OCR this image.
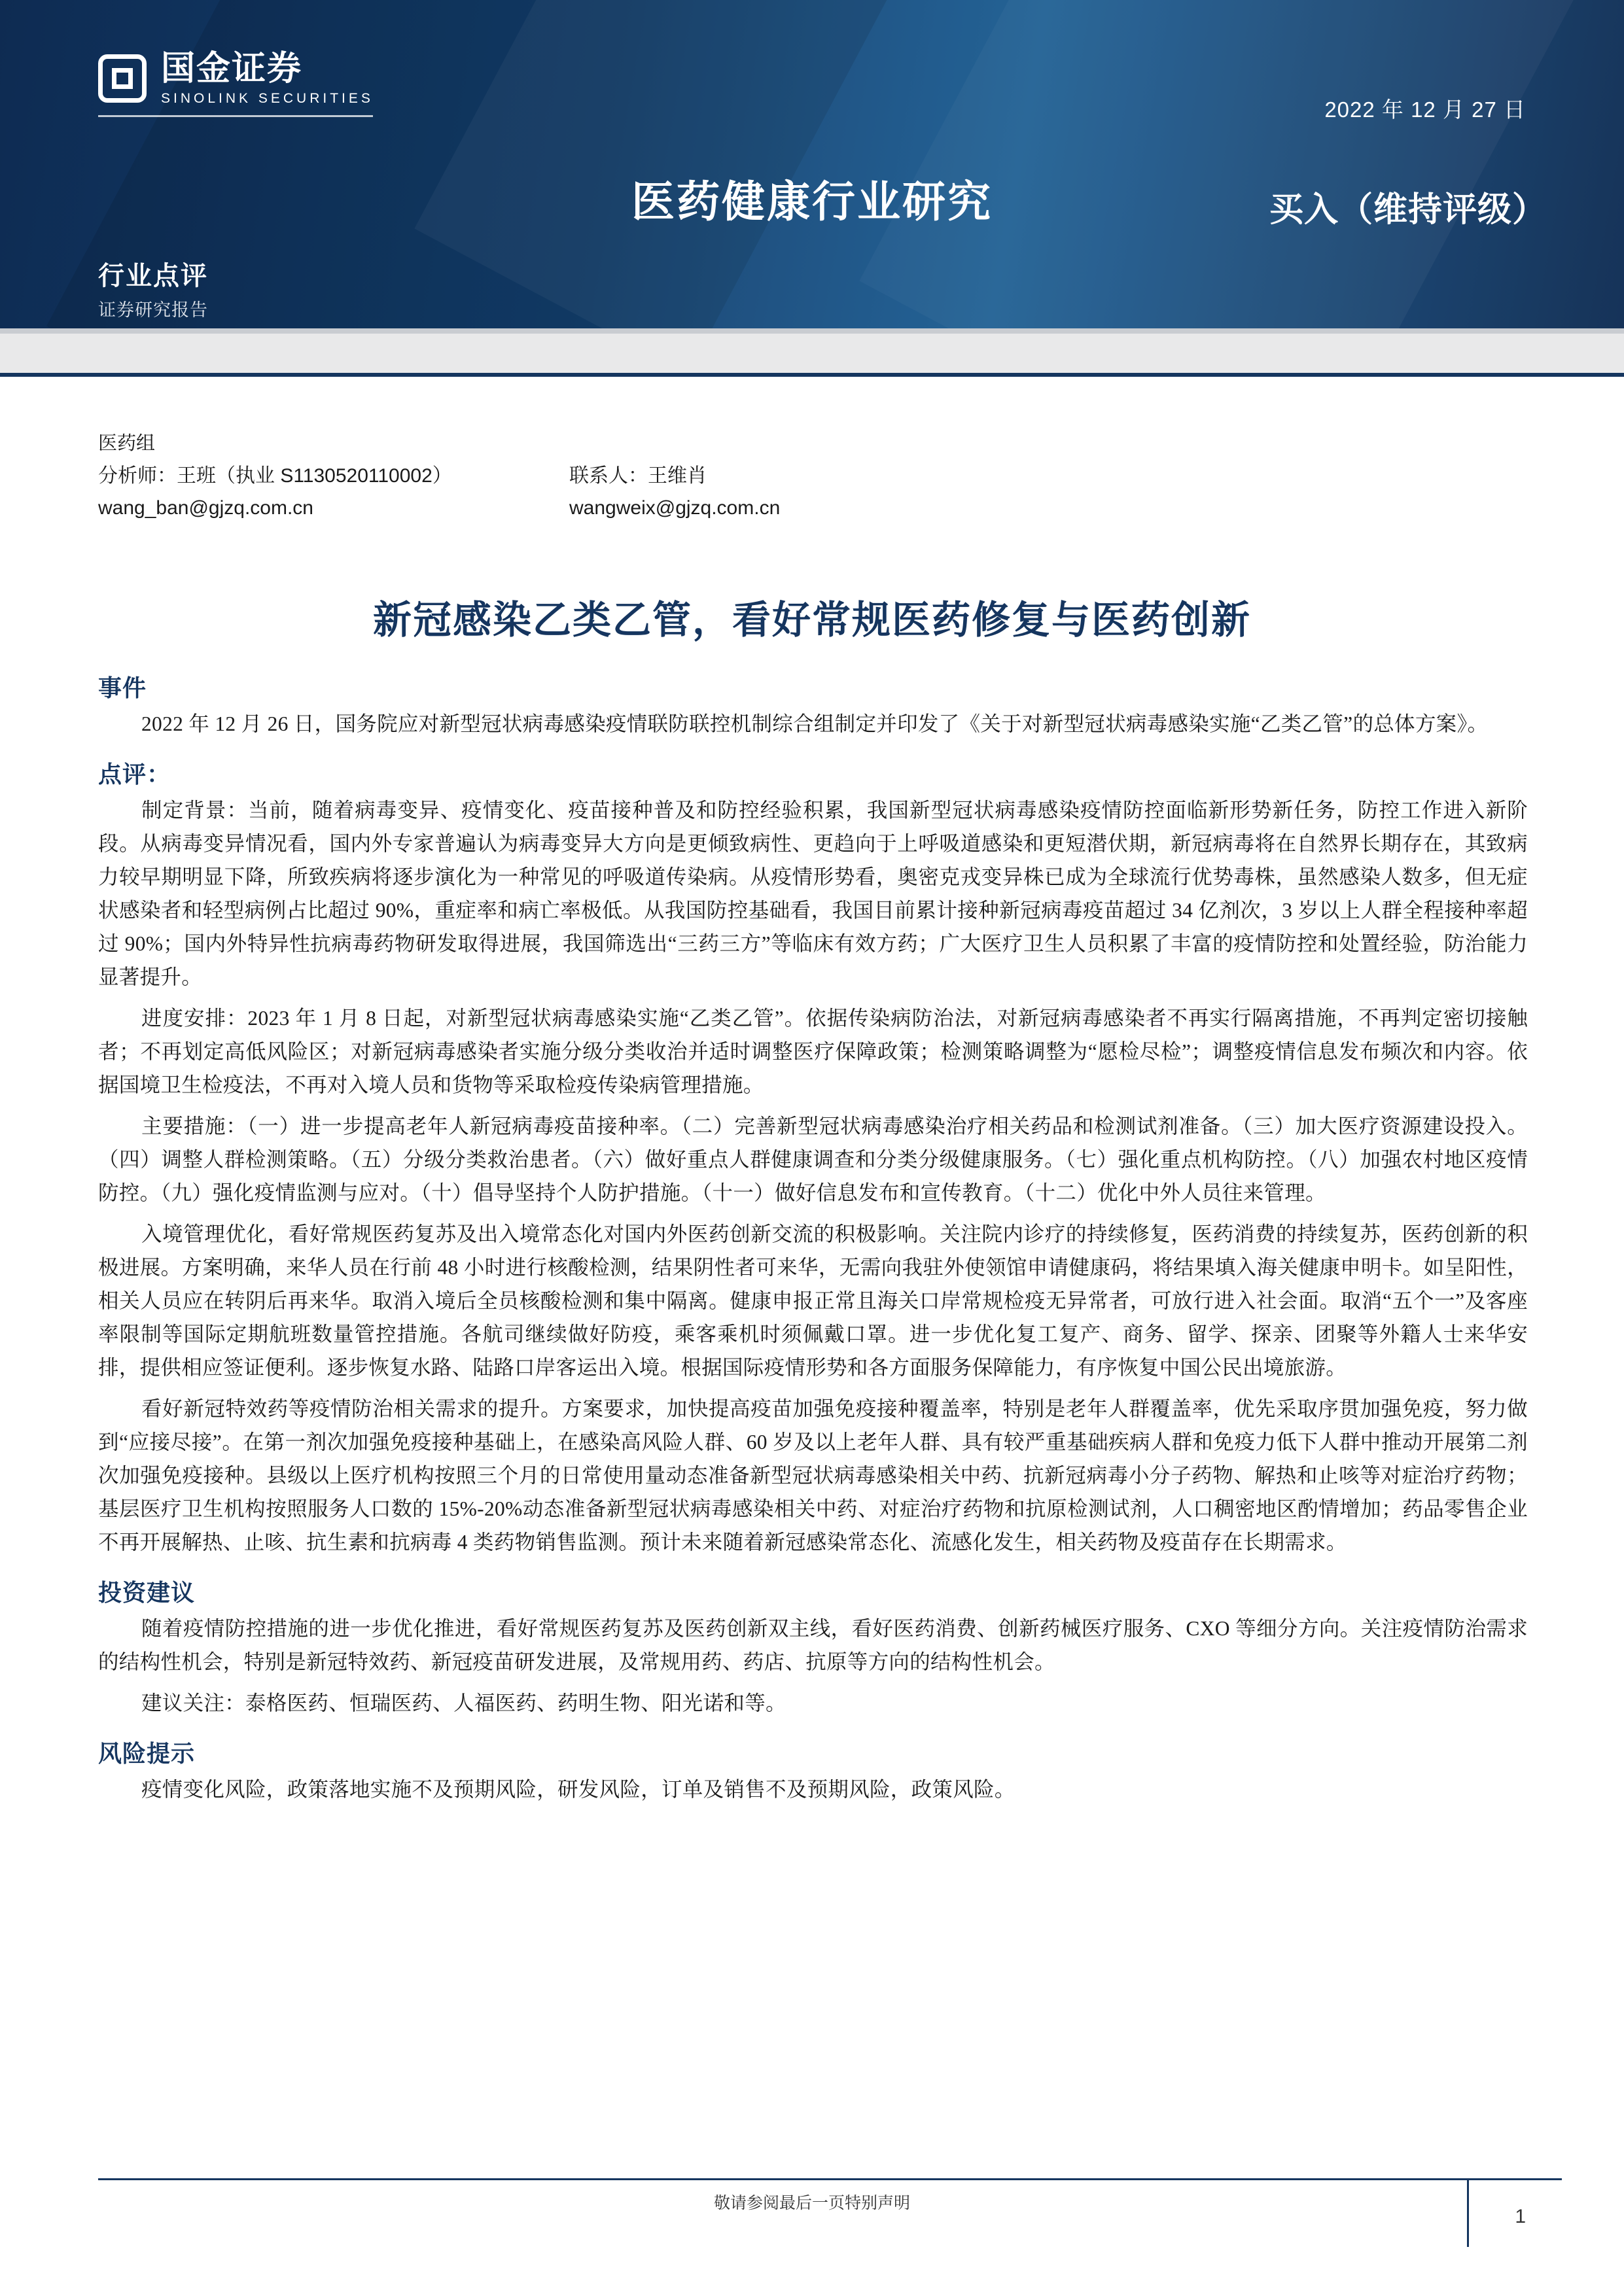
国金证券
SINOLINK SECURITIES	2022 年 12 月 27 日
医药健康行业研究	买入（维持评级）
行业点评
证券研究报告
医药组
分析师：王班（执业 S1130520110002）	联系人：王维肖
wang_ban@gjzq.com.cn	wangweix@gjzq.com.cn
新冠感染乙类乙管，看好常规医药修复与医药创新
事件

2022 年 12 月 26 日，国务院应对新型冠状病毒感染疫情联防联控机制综合组制定并印发了《关于对新型冠状病毒感染实施“乙类乙管”的总体方案》。

点评：

制定背景：当前，随着病毒变异、疫情变化、疫苗接种普及和防控经验积累，我国新型冠状病毒感染疫情防控面临新形势新任务，防控工作进入新阶段。从病毒变异情况看，国内外专家普遍认为病毒变异大方向是更倾致病性、更趋向于上呼吸道感染和更短潜伏期，新冠病毒将在自然界长期存在，其致病力较早期明显下降，所致疾病将逐步演化为一种常见的呼吸道传染病。从疫情形势看，奥密克戎变异株已成为全球流行优势毒株，虽然感染人数多，但无症状感染者和轻型病例占比超过 90%，重症率和病亡率极低。从我国防控基础看，我国目前累计接种新冠病毒疫苗超过 34 亿剂次，3 岁以上人群全程接种率超过 90%；国内外特异性抗病毒药物研发取得进展，我国筛选出“三药三方”等临床有效方药；广大医疗卫生人员积累了丰富的疫情防控和处置经验，防治能力显著提升。

进度安排：2023 年 1 月 8 日起，对新型冠状病毒感染实施“乙类乙管”。依据传染病防治法，对新冠病毒感染者不再实行隔离措施，不再判定密切接触者；不再划定高低风险区；对新冠病毒感染者实施分级分类收治并适时调整医疗保障政策；检测策略调整为“愿检尽检”；调整疫情信息发布频次和内容。依据国境卫生检疫法，不再对入境人员和货物等采取检疫传染病管理措施。

主要措施：（一）进一步提高老年人新冠病毒疫苗接种率。（二）完善新型冠状病毒感染治疗相关药品和检测试剂准备。（三）加大医疗资源建设投入。（四）调整人群检测策略。（五）分级分类救治患者。（六）做好重点人群健康调查和分类分级健康服务。（七）强化重点机构防控。（八）加强农村地区疫情防控。（九）强化疫情监测与应对。（十）倡导坚持个人防护措施。（十一）做好信息发布和宣传教育。（十二）优化中外人员往来管理。

入境管理优化，看好常规医药复苏及出入境常态化对国内外医药创新交流的积极影响。关注院内诊疗的持续修复，医药消费的持续复苏，医药创新的积极进展。方案明确，来华人员在行前 48 小时进行核酸检测，结果阴性者可来华，无需向我驻外使领馆申请健康码，将结果填入海关健康申明卡。如呈阳性，相关人员应在转阴后再来华。取消入境后全员核酸检测和集中隔离。健康申报正常且海关口岸常规检疫无异常者，可放行进入社会面。取消“五个一”及客座率限制等国际定期航班数量管控措施。各航司继续做好防疫，乘客乘机时须佩戴口罩。进一步优化复工复产、商务、留学、探亲、团聚等外籍人士来华安排，提供相应签证便利。逐步恢复水路、陆路口岸客运出入境。根据国际疫情形势和各方面服务保障能力，有序恢复中国公民出境旅游。

看好新冠特效药等疫情防治相关需求的提升。方案要求，加快提高疫苗加强免疫接种覆盖率，特别是老年人群覆盖率，优先采取序贯加强免疫，努力做到“应接尽接”。在第一剂次加强免疫接种基础上，在感染高风险人群、60 岁及以上老年人群、具有较严重基础疾病人群和免疫力低下人群中推动开展第二剂次加强免疫接种。县级以上医疗机构按照三个月的日常使用量动态准备新型冠状病毒感染相关中药、抗新冠病毒小分子药物、解热和止咳等对症治疗药物；基层医疗卫生机构按照服务人口数的 15%-20%动态准备新型冠状病毒感染相关中药、对症治疗药物和抗原检测试剂，人口稠密地区酌情增加；药品零售企业不再开展解热、止咳、抗生素和抗病毒 4 类药物销售监测。预计未来随着新冠感染常态化、流感化发生，相关药物及疫苗存在长期需求。

投资建议

随着疫情防控措施的进一步优化推进，看好常规医药复苏及医药创新双主线，看好医药消费、创新药械医疗服务、CXO 等细分方向。关注疫情防治需求的结构性机会，特别是新冠特效药、新冠疫苗研发进展，及常规用药、药店、抗原等方向的结构性机会。

建议关注：泰格医药、恒瑞医药、人福医药、药明生物、阳光诺和等。

风险提示

疫情变化风险，政策落地实施不及预期风险，研发风险，订单及销售不及预期风险，政策风险。

敬请参阅最后一页特别声明
1
